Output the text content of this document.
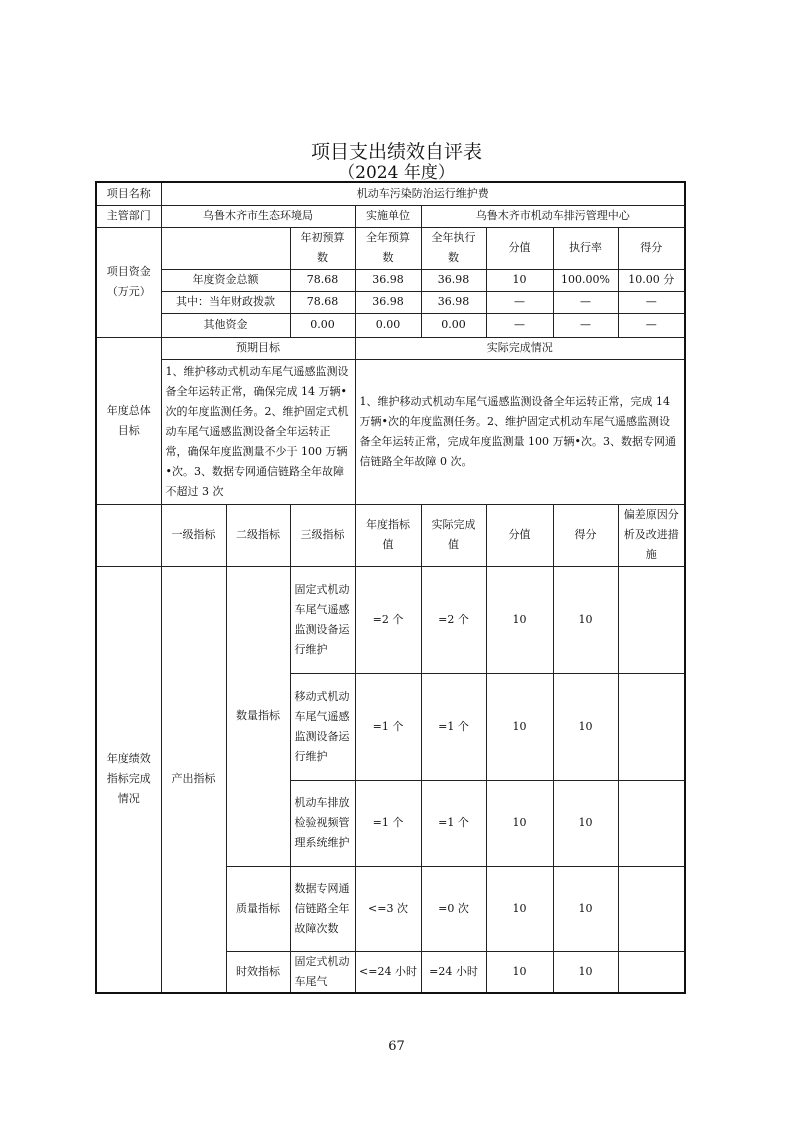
项目支出绩效自评表
（2024 年度）
项目名称	机动车污染防治运行维护费							
主管部门	乌鲁木齐市生态环境局			实施单位	乌鲁木齐市机动车排污管理中心			

项目资金（万元）			年初预算数	全年预算数	全年执行数	分值	执行率	得分
	年度资金总额		78.68	36.98	36.98	10	100.00%	10.00 分
	其中：当年财政拨款		78.68	36.98	36.98	—	—	—
	其他资金		0.00	0.00	0.00	—	—	—

年度总体目标	预期目标			实际完成情况				
	1、维护移动式机动车尾气遥感监测设备全年运转正常，确保完成 14 万辆•次的年度监测任务。2、维护固定式机动车尾气遥感监测设备全年运转正常，确保年度监测量不少于 100 万辆•次。3、数据专网通信链路全年故障不超过 3 次			1、维护移动式机动车尾气遥感监测设备全年运转正常，完成 14 万辆•次的年度监测任务。2、维护固定式机动车尾气遥感监测设备全年运转正常，完成年度监测量 100 万辆•次。3、数据专网通信链路全年故障 0 次。				
	一级指标	二级指标	三级指标	年度指标值	实际完成值	分值	得分	偏差原因分析及改进措施

年度绩效指标完成情况	产出指标	数量指标	固定式机动车尾气遥感监测设备运行维护	=2 个	=2 个	10	10	

			移动式机动车尾气遥感监测设备运行维护	=1 个	=1 个	10	10	

			机动车排放检验视频管理系统维护	=1 个	=1 个	10	10	
		质量指标	数据专网通信链路全年故障次数	<=3 次	=0 次	10	10	
		时效指标	固定式机动车尾气	<=24 小时	=24 小时	10	10	
67
